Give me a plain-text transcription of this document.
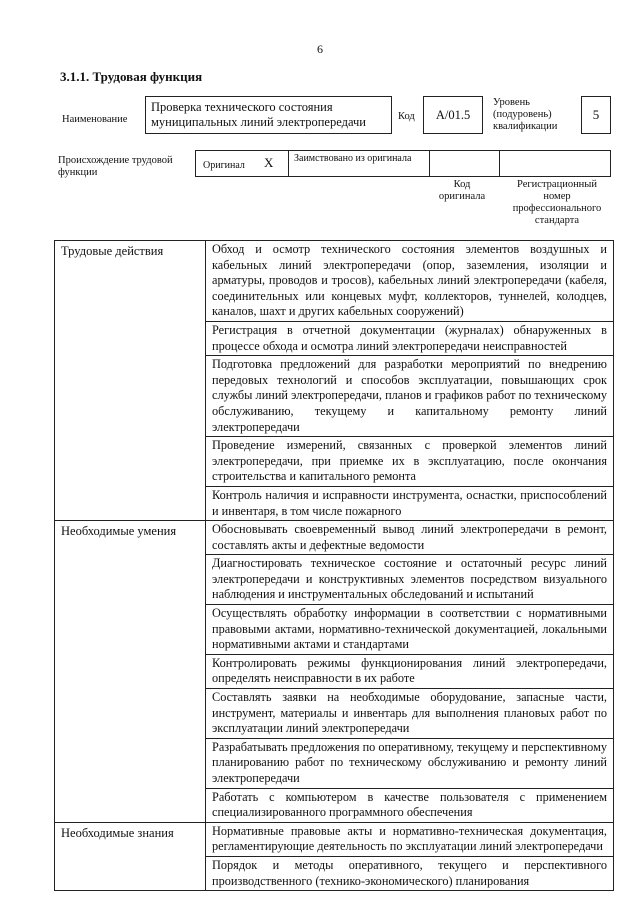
6
3.1.1. Трудовая функция
Наименование
Проверка технического состояния муниципальных линий электропередачи	Код	A/01.5
Уровень (подуровень) квалификации
5
Происхождение трудовой функции
Оригинал X Заимствовано из оригинала
Код оригинала
Регистрационный номер профессионального стандарта
Трудовые действия	Обход и осмотр технического состояния элементов воздушных и кабельных линий электропередачи (опор, заземления, изоляции и арматуры, проводов и тросов), кабельных линий электропередачи (кабеля, соединительных или концевых муфт, коллекторов, туннелей, колодцев, каналов, шахт и других кабельных сооружений)
	Регистрация в отчетной документации (журналах) обнаруженных в процессе обхода и осмотра линий электропередачи неисправностей
	Подготовка предложений для разработки мероприятий по внедрению передовых технологий и способов эксплуатации, повышающих срок службы линий электропередачи, планов и графиков работ по техническому обслуживанию, текущему и капитальному ремонту линий электропередачи
	Проведение измерений, связанных с проверкой элементов линий электропередачи, при приемке их в эксплуатацию, после окончания строительства и капитального ремонта
	Контроль наличия и исправности инструмента, оснастки, приспособлений и инвентаря, в том числе пожарного
Необходимые умения	Обосновывать своевременный вывод линий электропередачи в ремонт, составлять акты и дефектные ведомости
	Диагностировать техническое состояние и остаточный ресурс линий электропередачи и конструктивных элементов посредством визуального наблюдения и инструментальных обследований и испытаний
	Осуществлять обработку информации в соответствии с нормативными правовыми актами, нормативно-технической документацией, локальными нормативными актами и стандартами
	Контролировать режимы функционирования линий электропередачи, определять неисправности в их работе
	Составлять заявки на необходимые оборудование, запасные части, инструмент, материалы и инвентарь для выполнения плановых работ по эксплуатации линий электропередачи
	Разрабатывать предложения по оперативному, текущему и перспективному планированию работ по техническому обслуживанию и ремонту линий электропередачи
	Работать с компьютером в качестве пользователя с применением специализированного программного обеспечения
Необходимые знания	Нормативные правовые акты и нормативно-техническая документация, регламентирующие деятельность по эксплуатации линий электропередачи
	Порядок и методы оперативного, текущего и перспективного производственного (технико-экономического) планирования
